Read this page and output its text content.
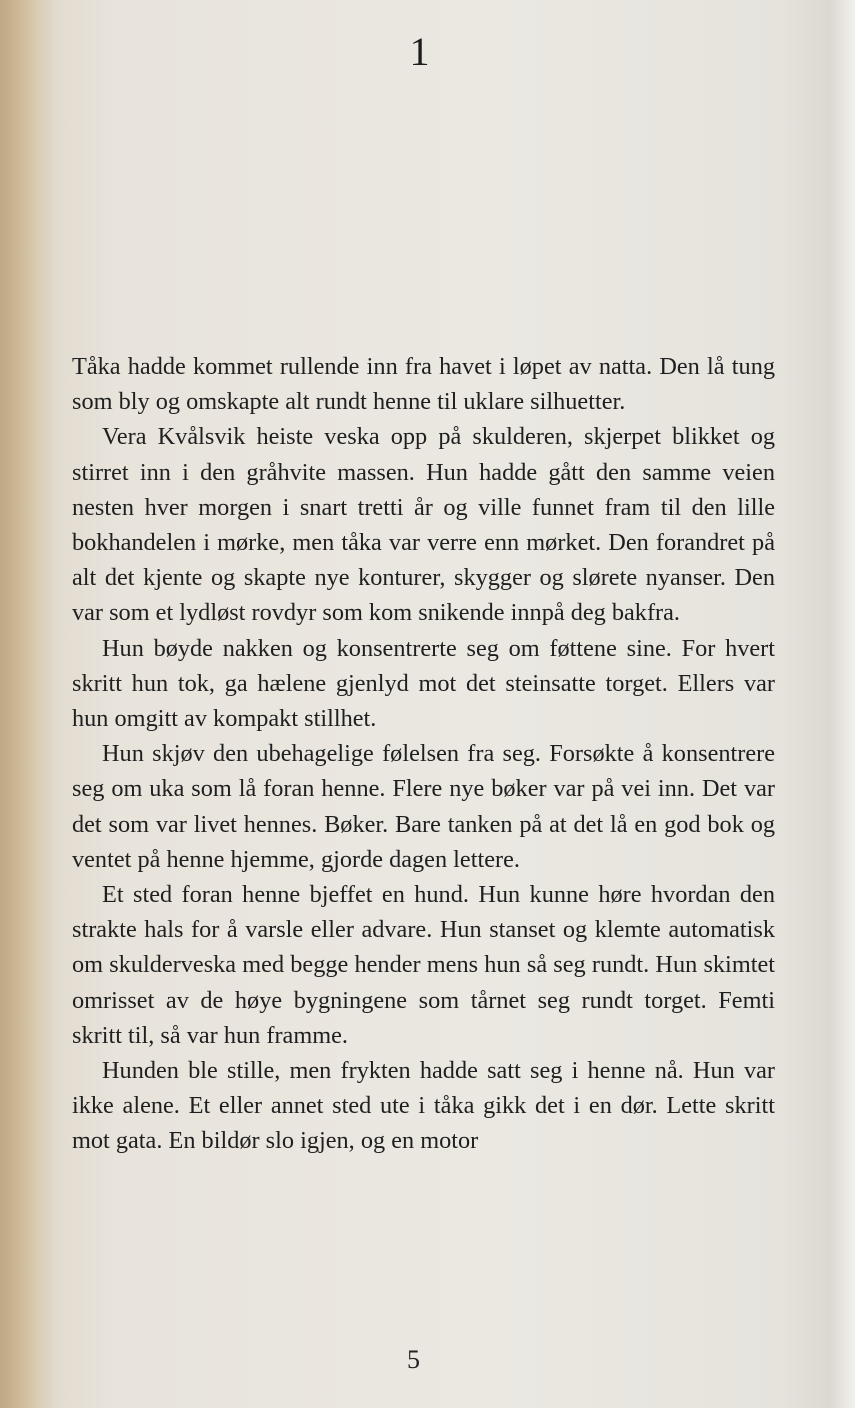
1

Tåka hadde kommet rullende inn fra havet i løpet av natta. Den lå tung som bly og omskapte alt rundt henne til uklare silhuetter.

Vera Kvålsvik heiste veska opp på skulderen, skjerpet blikket og stirret inn i den gråhvite massen. Hun hadde gått den samme veien nesten hver morgen i snart tretti år og ville funnet fram til den lille bokhandelen i mørke, men tåka var verre enn mørket. Den forandret på alt det kjente og skapte nye konturer, skygger og slørete nyanser. Den var som et lydløst rovdyr som kom snikende innpå deg bakfra.

Hun bøyde nakken og konsentrerte seg om føttene sine. For hvert skritt hun tok, ga hælene gjenlyd mot det steinsatte torget. Ellers var hun omgitt av kompakt stillhet.

Hun skjøv den ubehagelige følelsen fra seg. Forsøkte å konsentrere seg om uka som lå foran henne. Flere nye bøker var på vei inn. Det var det som var livet hennes. Bøker. Bare tanken på at det lå en god bok og ventet på henne hjemme, gjorde dagen lettere.

Et sted foran henne bjeffet en hund. Hun kunne høre hvordan den strakte hals for å varsle eller advare. Hun stanset og klemte automatisk om skulderveska med begge hender mens hun så seg rundt. Hun skimtet omrisset av de høye bygningene som tårnet seg rundt torget. Femti skritt til, så var hun framme.

Hunden ble stille, men frykten hadde satt seg i henne nå. Hun var ikke alene. Et eller annet sted ute i tåka gikk det i en dør. Lette skritt mot gata. En bildør slo igjen, og en motor

5
